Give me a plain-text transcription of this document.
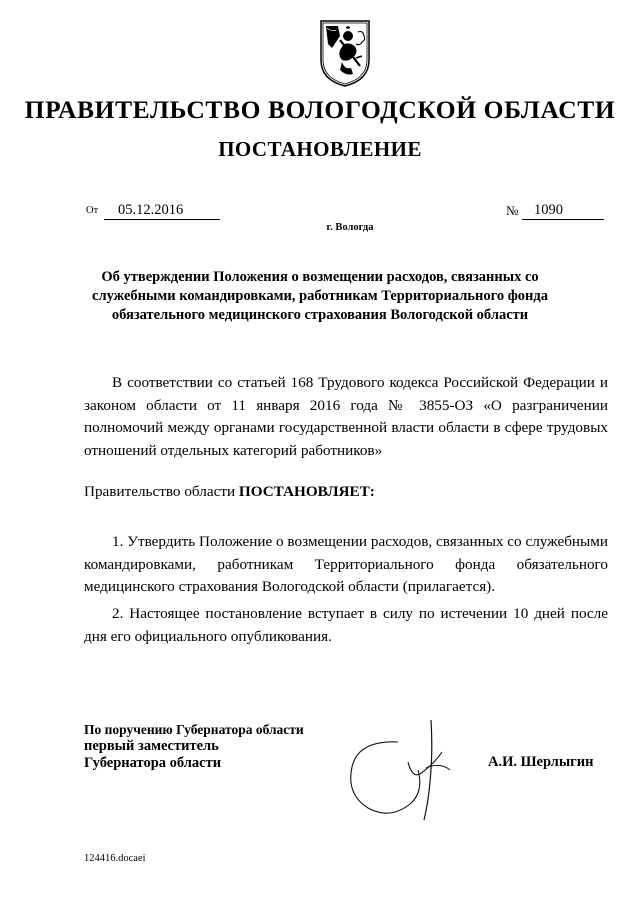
ПРАВИТЕЛЬСТВО ВОЛОГОДСКОЙ ОБЛАСТИ
ПОСТАНОВЛЕНИЕ
От	05.12.2016	№	1090
г. Вологда
Об утверждении Положения о возмещении расходов, связанных со служебными командировками, работникам Территориального фонда обязательного медицинского страхования Вологодской области
В соответствии со статьей 168 Трудового кодекса Российской Федерации и законом области от 11 января 2016 года № 3855-ОЗ «О разграничении полномочий между органами государственной власти области в сфере трудовых отношений отдельных категорий работников»
Правительство области ПОСТАНОВЛЯЕТ:
1. Утвердить Положение о возмещении расходов, связанных со служебными командировками, работникам Территориального фонда обязательного медицинского страхования Вологодской области (прилагается).
2. Настоящее постановление вступает в силу по истечении 10 дней после дня его официального опубликования.
По поручению Губернатора области
первый заместитель
Губернатора области	А.И. Шерлыгин
124416.docaei
